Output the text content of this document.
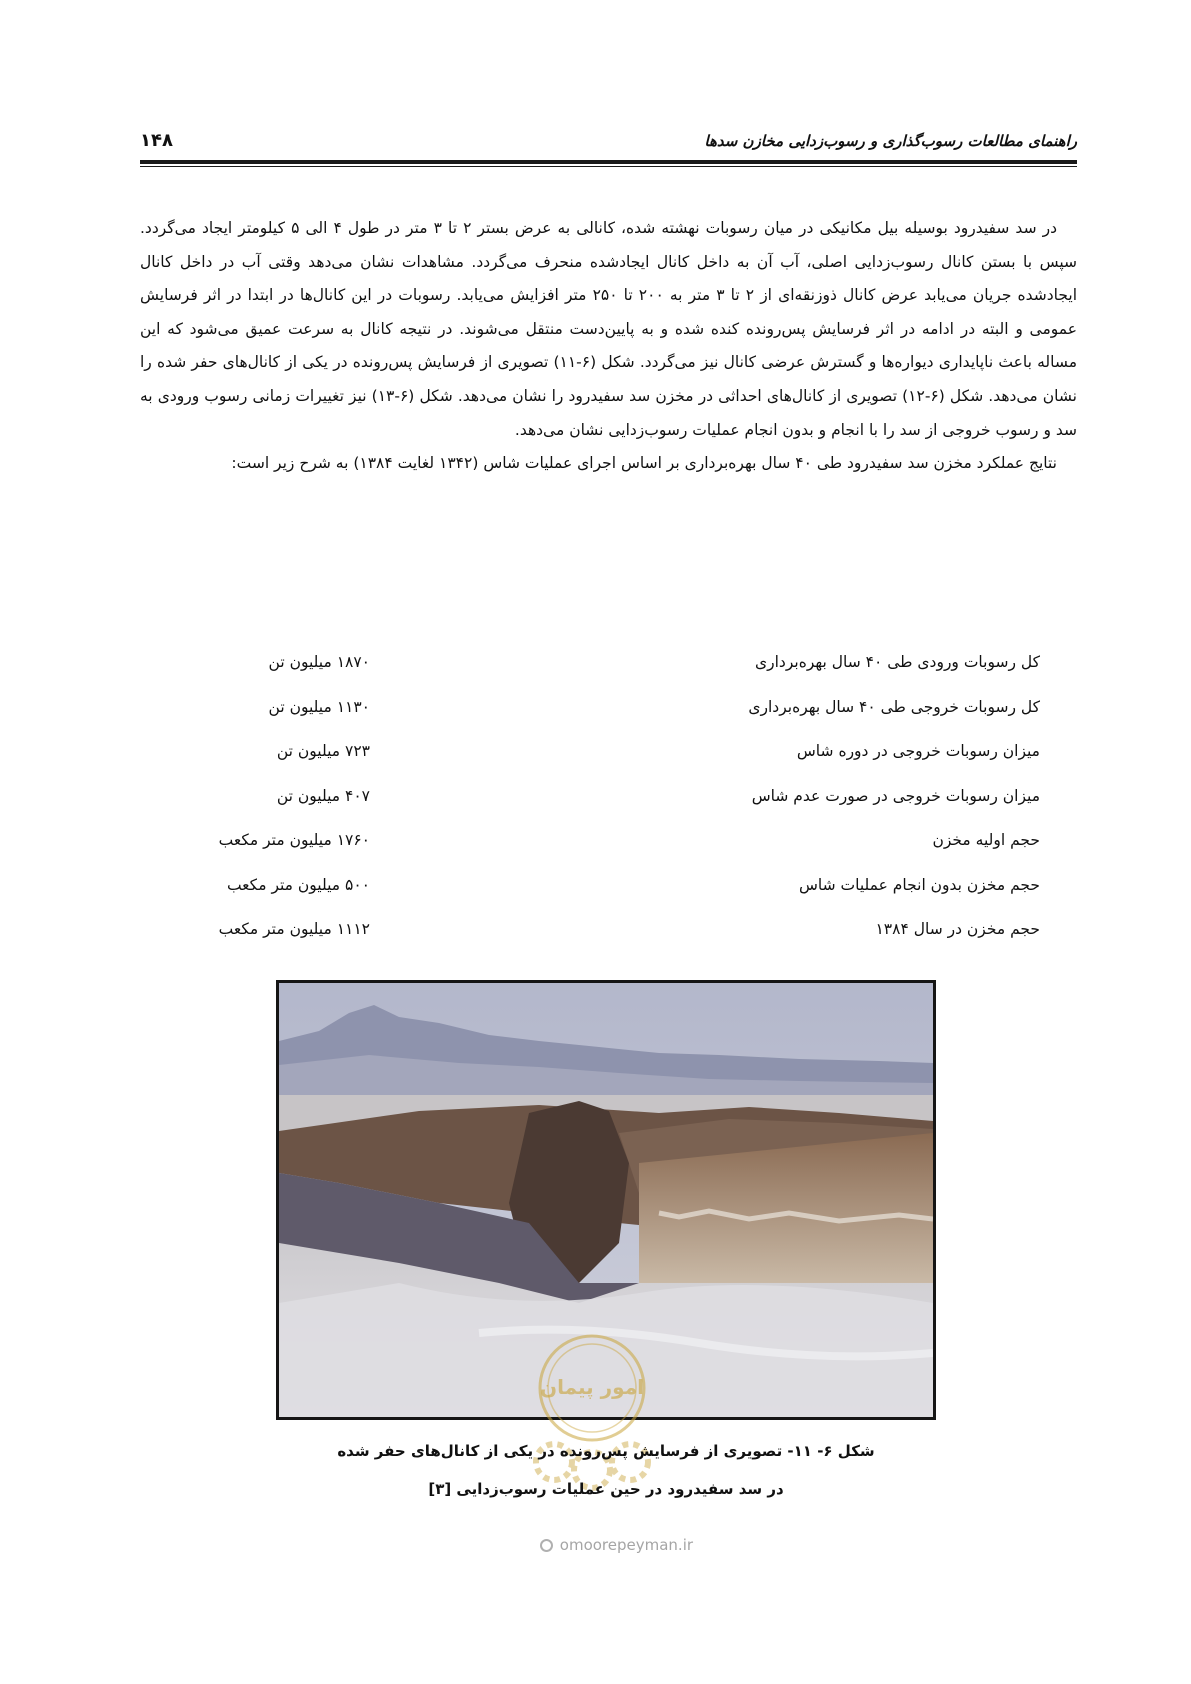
راهنمای مطالعات رسوب‌گذاری و رسوب‌زدایی مخازن سدها
۱۴۸

در سد سفیدرود بوسیله بیل مکانیکی در میان رسوبات نهشته شده، کانالی به عرض بستر ۲ تا ۳ متر در طول ۴ الی ۵ کیلومتر ایجاد می‌گردد. سپس با بستن کانال رسوب‌زدایی اصلی، آب آن به داخل کانال ایجادشده منحرف می‌گردد. مشاهدات نشان می‌دهد وقتی آب در داخل کانال ایجادشده جریان می‌یابد عرض کانال ذوزنقه‌ای از ۲ تا ۳ متر به ۲۰۰ تا ۲۵۰ متر افزایش می‌یابد. رسوبات در این کانال‌ها در ابتدا در اثر فرسایش عمومی و البته در ادامه در اثر فرسایش پس‌رونده کنده شده و به پایین‌دست منتقل می‌شوند. در نتیجه کانال به سرعت عمیق می‌شود که این مساله باعث ناپایداری دیواره‌ها و گسترش عرضی کانال نیز می‌گردد. شکل (۶-۱۱) تصویری از فرسایش پس‌رونده در یکی از کانال‌های حفر شده را نشان می‌دهد. شکل (۶-۱۲) تصویری از کانال‌های احداثی در مخزن سد سفیدرود را نشان می‌دهد. شکل (۶-۱۳) نیز تغییرات زمانی رسوب ورودی به سد و رسوب خروجی از سد را با انجام و بدون انجام عملیات رسوب‌زدایی نشان می‌دهد.

نتایج عملکرد مخزن سد سفیدرود طی ۴۰ سال بهره‌برداری بر اساس اجرای عملیات شاس (۱۳۴۲ لغایت ۱۳۸۴) به شرح زیر است:

کل رسوبات ورودی طی ۴۰ سال بهره‌برداری
۱۸۷۰ میلیون تن
کل رسوبات خروجی طی ۴۰ سال بهره‌برداری
۱۱۳۰ میلیون تن
میزان رسوبات خروجی در دوره شاس
۷۲۳ میلیون تن
میزان رسوبات خروجی در صورت عدم شاس
۴۰۷ میلیون تن
حجم اولیه مخزن
۱۷۶۰ میلیون متر مکعب
حجم مخزن بدون انجام عملیات شاس
۵۰۰ میلیون متر مکعب
حجم مخزن در سال ۱۳۸۴
۱۱۱۲ میلیون متر مکعب
امور پیمان
شکل ۶- ۱۱- تصویری از فرسایش پس‌رونده در یکی از کانال‌های حفر شده
در سد سفیدرود در حین عملیات رسوب‌زدایی [۳]
omoorepeyman.ir
